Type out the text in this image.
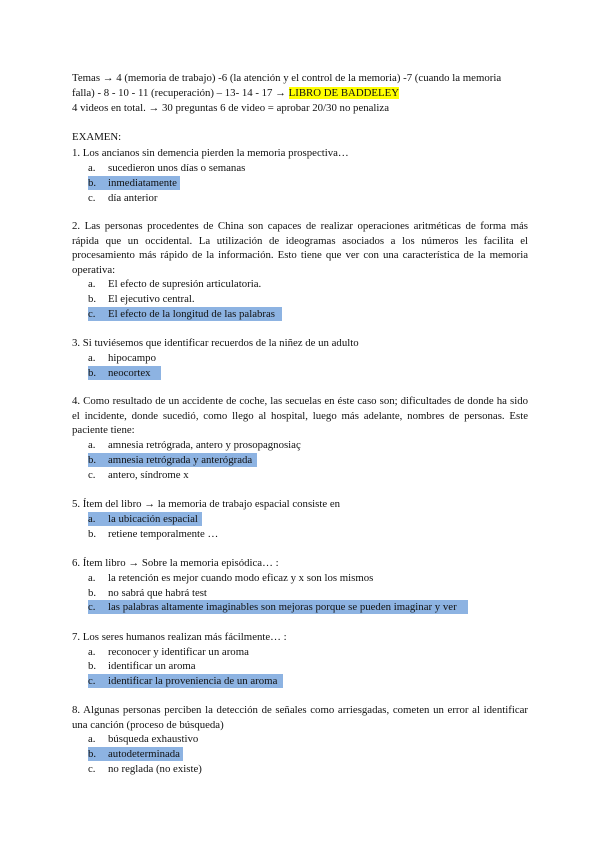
Temas → 4 (memoria de trabajo) -6 (la atención y el control de la memoria) -7 (cuando la memoria
falla) - 8 - 10 - 11 (recuperación) – 13- 14 - 17 → LIBRO DE BADDELEY
4 videos en total. → 30 preguntas 6 de video = aprobar 20/30 no penaliza
EXAMEN:
1. Los ancianos sin demencia pierden la memoria prospectiva…
a. sucedieron unos días o semanas
b. inmediatamente
c. día anterior
2. Las personas procedentes de China son capaces de realizar operaciones aritméticas de forma más rápida que un occidental. La utilización de ideogramas asociados a los números les facilita el procesamiento más rápido de la información. Esto tiene que ver con una característica de la memoria operativa:
a. El efecto de supresión articulatoria.
b. El ejecutivo central.
c. El efecto de la longitud de las palabras
3. Si tuviésemos que identificar recuerdos de la niñez de un adulto
a. hipocampo
b. neocortex
4. Como resultado de un accidente de coche, las secuelas en éste caso son; dificultades de donde ha sido el incidente, donde sucedió, como llego al hospital, luego más adelante, nombres de personas. Este paciente tiene:
a. amnesia retrógrada, antero y prosopagnosiaç
b. amnesia retrógrada y anterógrada
c. antero, síndrome x
5. Ítem del libro → la memoria de trabajo espacial consiste en
a. la ubicación espacial
b. retiene temporalmente …
6. Ítem libro → Sobre la memoria episódica… :
a. la retención es mejor cuando modo eficaz y x son los mismos
b. no sabrá que habrá test
c. las palabras altamente imaginables son mejoras porque se pueden imaginar y ver
7. Los seres humanos realizan más fácilmente… :
a. reconocer y identificar un aroma
b. identificar un aroma
c. identificar la proveniencia de un aroma
8. Algunas personas perciben la detección de señales como arriesgadas, cometen un error al identificar una canción (proceso de búsqueda)
a. búsqueda exhaustivo
b. autodeterminada
c. no reglada (no existe)
